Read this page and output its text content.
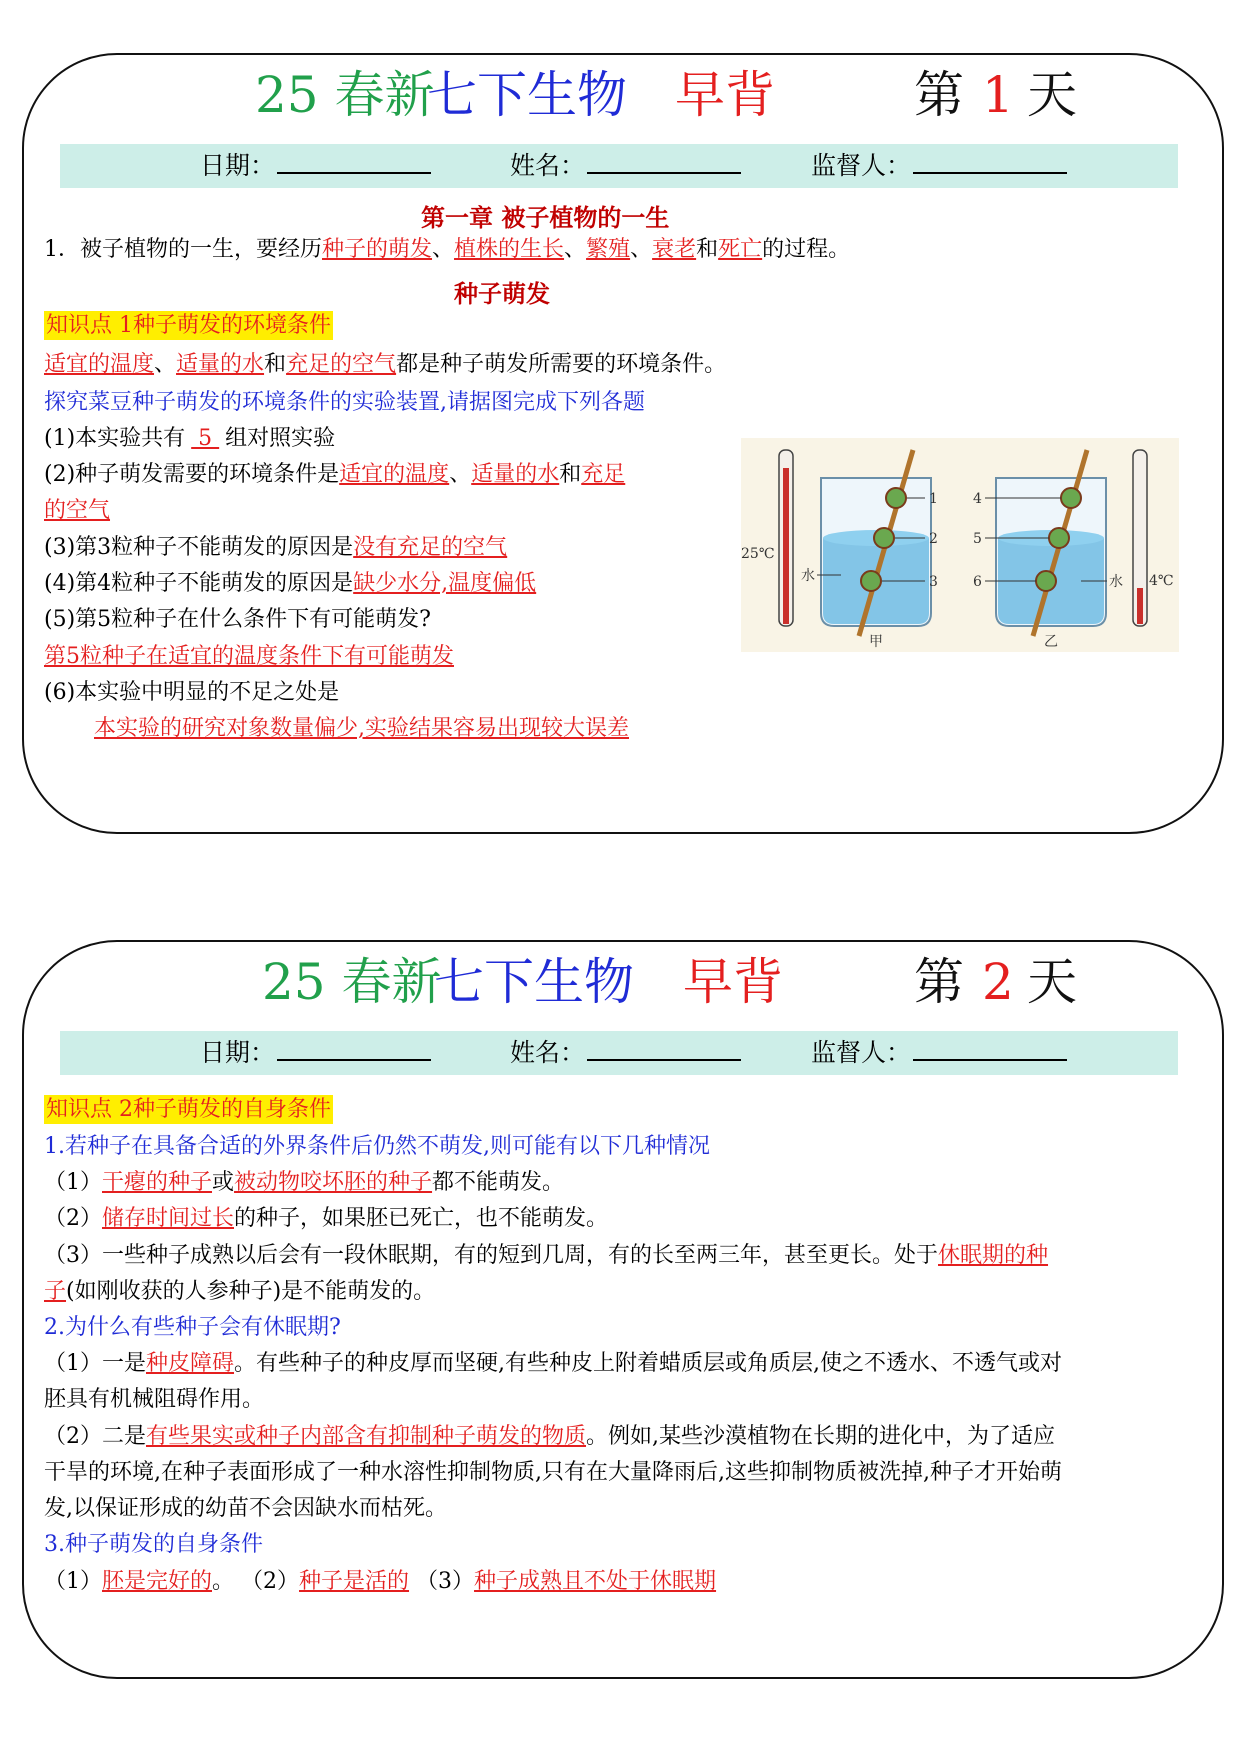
25 春新
七下生物 早背	第 1 天
日期：	姓名：	监督人：
第一章 被子植物的一生
1．被子植物的一生，要经历种子的萌发、植株的生长、繁殖、衰老和死亡的过程。
种子萌发
知识点 1种子萌发的环境条件
适宜的温度、适量的水和充足的空气都是种子萌发所需要的环境条件。
探究菜豆种子萌发的环境条件的实验装置,请据图完成下列各题
(1)本实验共有 5 组对照实验
(2)种子萌发需要的环境条件是适宜的温度、适量的水和充足
的空气
(3)第3粒种子不能萌发的原因是没有充足的空气
(4)第4粒种子不能萌发的原因是缺少水分,温度偏低
(5)第5粒种子在什么条件下有可能萌发?
第5粒种子在适宜的温度条件下有可能萌发
(6)本实验中明显的不足之处是
本实验的研究对象数量偏少,实验结果容易出现较大误差
25℃
1
2
3
水
甲
4
5
6	水
乙
4℃
25 春新
七下生物 早背	第 2 天
日期：	姓名：	监督人：
知识点 2种子萌发的自身条件
1.若种子在具备合适的外界条件后仍然不萌发,则可能有以下几种情况
（1）干瘪的种子或被动物咬坏胚的种子都不能萌发。
（2）储存时间过长的种子，如果胚已死亡，也不能萌发。
（3）一些种子成熟以后会有一段休眠期，有的短到几周，有的长至两三年，甚至更长。处于休眠期的种
子(如刚收获的人参种子)是不能萌发的。
2.为什么有些种子会有休眠期?
（1）一是种皮障碍。有些种子的种皮厚而坚硬,有些种皮上附着蜡质层或角质层,使之不透水、不透气或对
胚具有机械阻碍作用。
（2）二是有些果实或种子内部含有抑制种子萌发的物质。例如,某些沙漠植物在长期的进化中，为了适应
干旱的环境,在种子表面形成了一种水溶性抑制物质,只有在大量降雨后,这些抑制物质被洗掉,种子才开始萌
发,以保证形成的幼苗不会因缺水而枯死。
3.种子萌发的自身条件
（1）胚是完好的。 （2）种子是活的 （3）种子成熟且不处于休眠期
